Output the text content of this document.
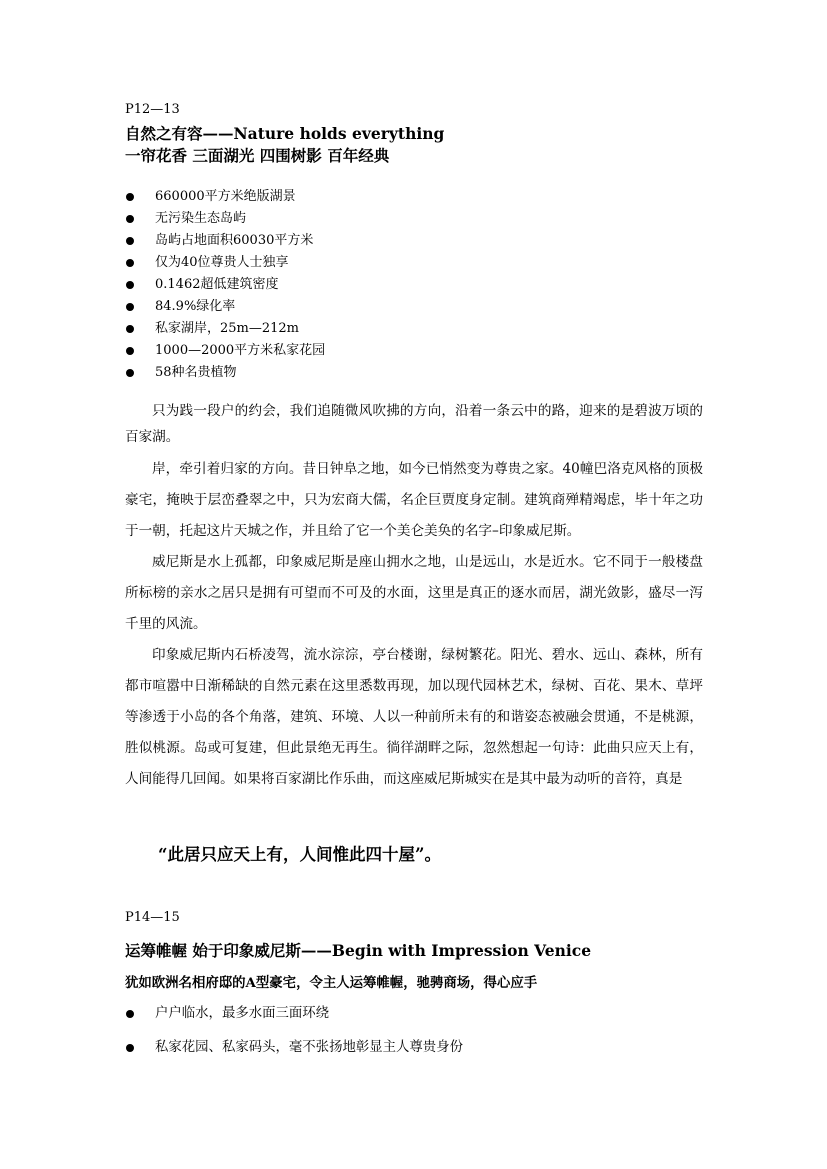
P12—13
自然之有容——Nature holds everything
一帘花香 三面湖光 四围树影 百年经典
660000平方米绝版湖景
无污染生态岛屿
岛屿占地面积60030平方米
仅为40位尊贵人士独享
0.1462超低建筑密度
84.9%绿化率
私家湖岸，25m—212m
1000—2000平方米私家花园
58种名贵植物

只为践一段户的约会，我们追随微风吹拂的方向，沿着一条云中的路，迎来的是碧波万顷的百家湖。

岸，牵引着归家的方向。昔日钟阜之地，如今已悄然变为尊贵之家。40幢巴洛克风格的顶极豪宅，掩映于层峦叠翠之中，只为宏商大儒，名企巨贾度身定制。建筑商殚精竭虑，毕十年之功于一朝，托起这片天城之作，并且给了它一个美仑美奂的名字–印象威尼斯。

威尼斯是水上孤都，印象威尼斯是座山拥水之地，山是远山，水是近水。它不同于一般楼盘所标榜的亲水之居只是拥有可望而不可及的水面，这里是真正的逐水而居，湖光敛影，盛尽一泻千里的风流。

印象威尼斯内石桥凌驾，流水淙淙，亭台楼谢，绿树繁花。阳光、碧水、远山、森林，所有都市喧嚣中日渐稀缺的自然元素在这里悉数再现，加以现代园林艺术，绿树、百花、果木、草坪等渗透于小岛的各个角落，建筑、环境、人以一种前所未有的和谐姿态被融会贯通，不是桃源，胜似桃源。岛或可复建，但此景绝无再生。徜徉湖畔之际，忽然想起一句诗：此曲只应天上有，人间能得几回闻。如果将百家湖比作乐曲，而这座威尼斯城实在是其中最为动听的音符，真是

“此居只应天上有，人间惟此四十屋”。
P14—15
运筹帷幄 始于印象威尼斯——Begin with Impression Venice
犹如欧洲名相府邸的A型豪宅，令主人运筹帷幄，驰骋商场，得心应手
户户临水，最多水面三面环绕
私家花园、私家码头，毫不张扬地彰显主人尊贵身份
